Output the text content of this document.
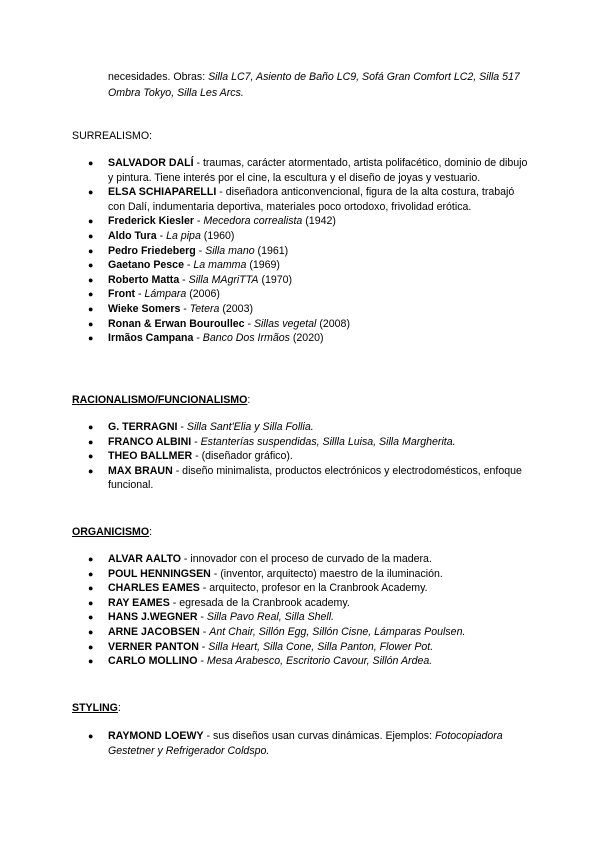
necesidades. Obras: Silla LC7, Asiento de Baño LC9, Sofá Gran Comfort LC2, Silla 517 Ombra Tokyo, Silla Les Arcs.
SURREALISMO:
● SALVADOR DALÍ - traumas, carácter atormentado, artista polifacético, dominio de dibujo y pintura. Tiene interés por el cine, la escultura y el diseño de joyas y vestuario.
● ELSA SCHIAPARELLI - diseñadora anticonvencional, figura de la alta costura, trabajó con Dalí, indumentaria deportiva, materiales poco ortodoxo, frivolidad erótica.
● Frederick Kiesler - Mecedora correalista (1942)
● Aldo Tura - La pipa (1960)
● Pedro Friedeberg - Silla mano (1961)
● Gaetano Pesce - La mamma (1969)
● Roberto Matta - Silla MAgriTTA (1970)
● Front - Lámpara (2006)
● Wieke Somers - Tetera (2003)
● Ronan & Erwan Bouroullec - Sillas vegetal (2008)
● Irmãos Campana - Banco Dos Irmãos (2020)
RACIONALISMO/FUNCIONALISMO:
● G. TERRAGNI - Silla Sant'Elia y Silla Follia.
● FRANCO ALBINI - Estanterías suspendidas, Sillla Luisa, Silla Margherita.
● THEO BALLMER - (diseñador gráfico).
● MAX BRAUN - diseño minimalista, productos electrónicos y electrodomésticos, enfoque funcional.
ORGANICISMO:
● ALVAR AALTO - innovador con el proceso de curvado de la madera.
● POUL HENNINGSEN - (inventor, arquitecto) maestro de la iluminación.
● CHARLES EAMES - arquitecto, profesor en la Cranbrook Academy.
● RAY EAMES - egresada de la Cranbrook academy.
● HANS J.WEGNER - Silla Pavo Real, Silla Shell.
● ARNE JACOBSEN - Ant Chair, Sillón Egg, Sillón Cisne, Lámparas Poulsen.
● VERNER PANTON - Silla Heart, Silla Cone, Silla Panton, Flower Pot.
● CARLO MOLLINO - Mesa Arabesco, Escritorio Cavour, Sillón Ardea.
STYLING:
● RAYMOND LOEWY - sus diseños usan curvas dinámicas. Ejemplos: Fotocopiadora Gestetner y Refrigerador Coldspo.
